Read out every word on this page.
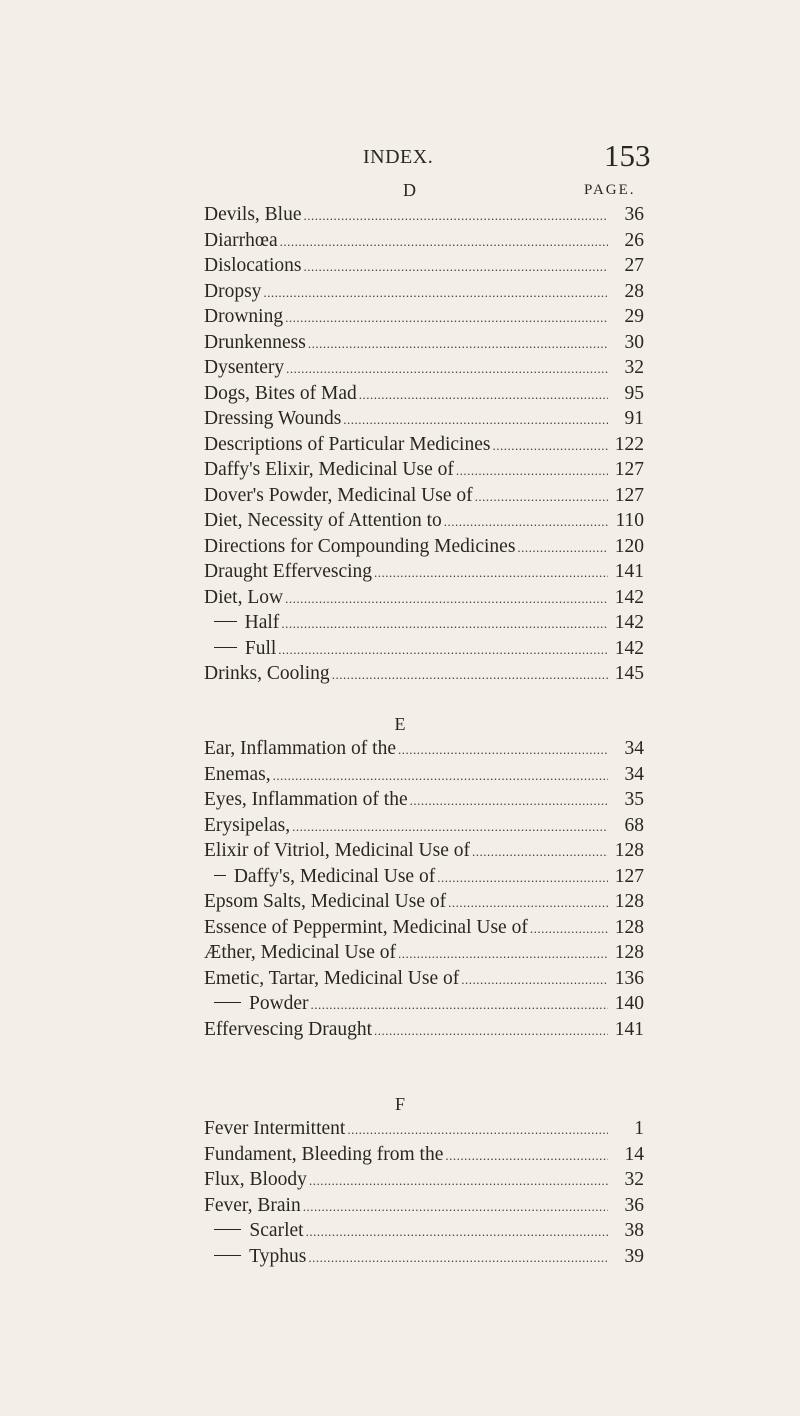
INDEX.	153
D	PAGE.
Devils, Blue .....	36
Diarrhœa .....	26
Dislocations .....	27
Dropsy .....	28
Drowning .....	29
Drunkenness .....	30
Dysentery .....	32
Dogs, Bites of Mad .....	95
Dressing Wounds .....	91
Descriptions of Particular Medicines .....	122
Daffy's Elixir, Medicinal Use of .....	127
Dover's Powder, Medicinal Use of .....	127
Diet, Necessity of Attention to .....	110
Directions for Compounding Medicines .....	120
Draught Effervescing .....	141
Diet, Low .....	142
Half .....	142
Full .....	142
Drinks, Cooling .....	145
E
Ear, Inflammation of the .....	34
Enemas, .....	34
Eyes, Inflammation of the .....	35
Erysipelas, .....	68
Elixir of Vitriol, Medicinal Use of .....	128
Daffy's, Medicinal Use of .....	127
Epsom Salts, Medicinal Use of .....	128
Essence of Peppermint, Medicinal Use of .....	128
Æther, Medicinal Use of .....	128
Emetic, Tartar, Medicinal Use of .....	136
Powder .....	140
Effervescing Draught .....	141
F
Fever Intermittent .....	1
Fundament, Bleeding from the .....	14
Flux, Bloody .....	32
Fever, Brain .....	36
Scarlet .....	38
Typhus .....	39
